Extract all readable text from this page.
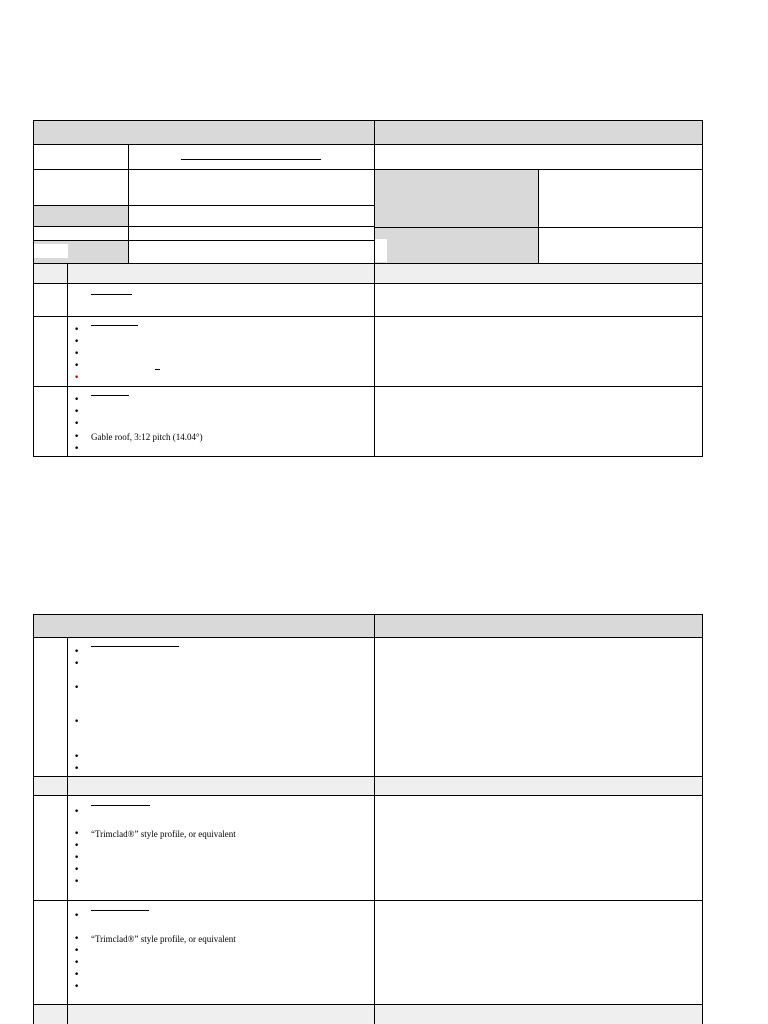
•
•
•
•
•
•
•
•
• Gable roof, 3:12 pitch (14.04°)
•
•
•
•
•
•
•
•
• “Trimclad®” style profile, or equivalent
•
•
•
•
•
• “Trimclad®” style profile, or equivalent
•
•
•
•
